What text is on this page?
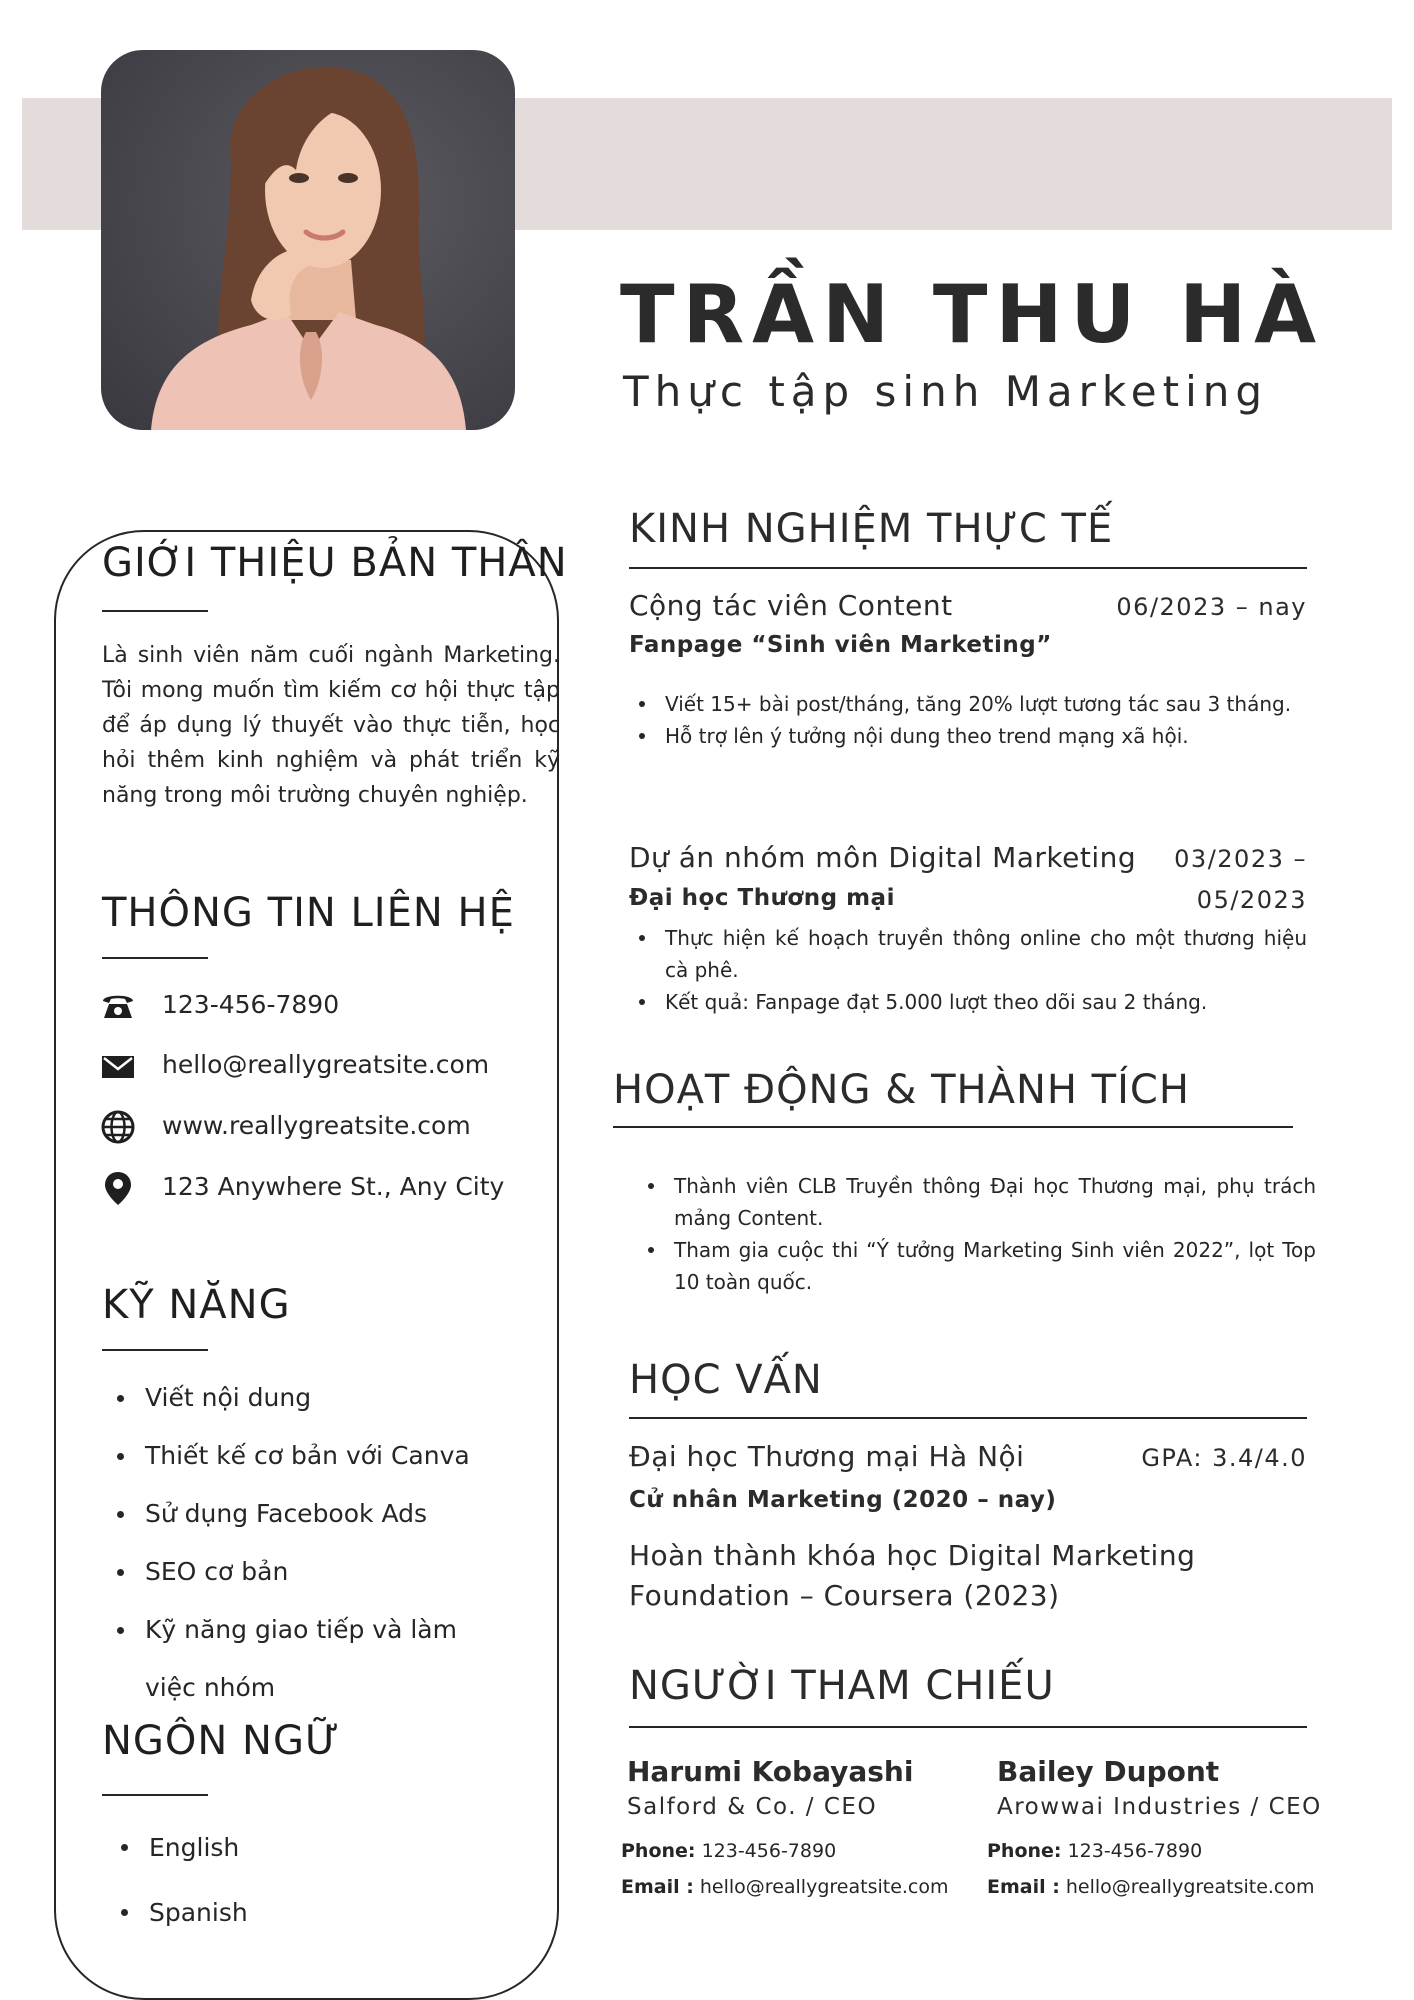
TRẦN THU HÀ
Thực tập sinh Marketing
GIỚI THIỆU BẢN THÂN
Là sinh viên năm cuối ngành Marketing. Tôi mong muốn tìm kiếm cơ hội thực tập để áp dụng lý thuyết vào thực tiễn, học hỏi thêm kinh nghiệm và phát triển kỹ năng trong môi trường chuyên nghiệp.
THÔNG TIN LIÊN HỆ
123-456-7890
hello@reallygreatsite.com
www.reallygreatsite.com
123 Anywhere St., Any City
KỸ NĂNG
Viết nội dung
Thiết kế cơ bản với Canva
Sử dụng Facebook Ads
SEO cơ bản
Kỹ năng giao tiếp và làm việc nhóm
NGÔN NGỮ
English
Spanish
KINH NGHIỆM THỰC TẾ
Cộng tác viên Content	06/2023 – nay
Fanpage “Sinh viên Marketing”
Viết 15+ bài post/tháng, tăng 20% lượt tương tác sau 3 tháng.
Hỗ trợ lên ý tưởng nội dung theo trend mạng xã hội.
Dự án nhóm môn Digital Marketing	03/2023 –
Đại học Thương mại	05/2023
Thực hiện kế hoạch truyền thông online cho một thương hiệu cà phê.
Kết quả: Fanpage đạt 5.000 lượt theo dõi sau 2 tháng.
HOẠT ĐỘNG & THÀNH TÍCH
Thành viên CLB Truyền thông Đại học Thương mại, phụ trách mảng Content.
Tham gia cuộc thi “Ý tưởng Marketing Sinh viên 2022”, lọt Top 10 toàn quốc.
HỌC VẤN
Đại học Thương mại Hà Nội	GPA: 3.4/4.0
Cử nhân Marketing (2020 – nay)
Hoàn thành khóa học Digital Marketing
Foundation – Coursera (2023)
NGƯỜI THAM CHIẾU
Harumi Kobayashi
Salford & Co. / CEO
Phone: 123-456-7890
Email : hello@reallygreatsite.com
Bailey Dupont
Arowwai Industries / CEO
Phone: 123-456-7890
Email : hello@reallygreatsite.com
